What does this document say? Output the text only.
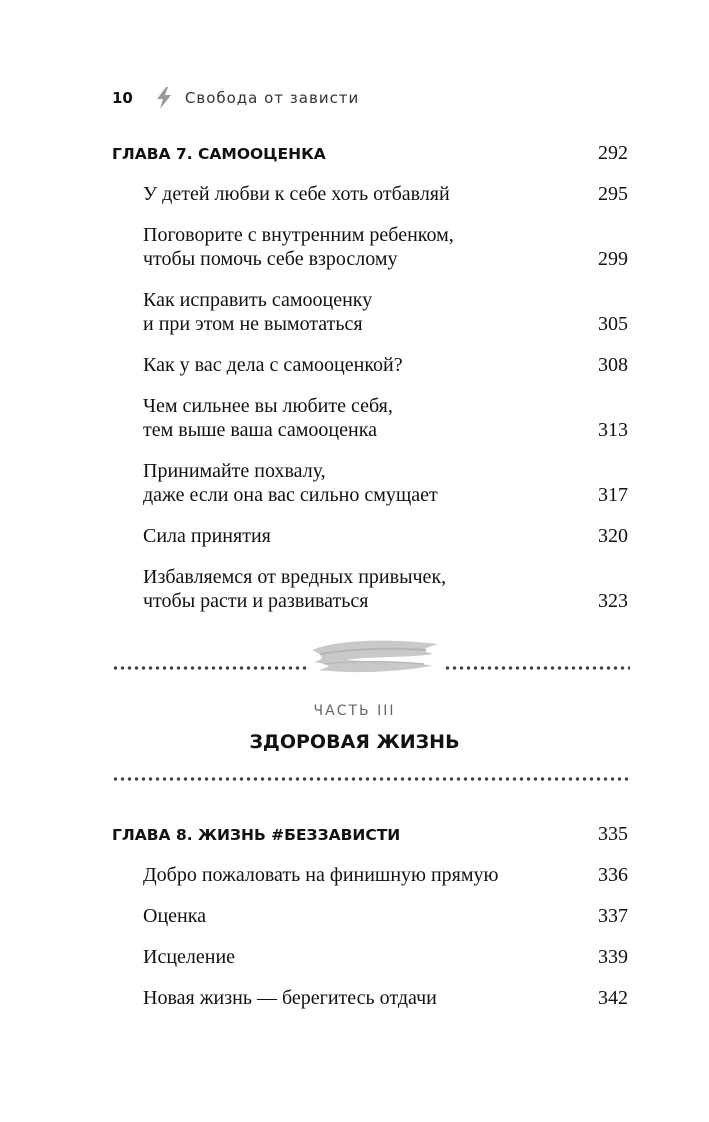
10	Свобода от зависти
ГЛАВА 7. САМООЦЕНКА	292
У детей любви к себе хоть отбавляй	295
Поговорите с внутренним ребенком,
чтобы помочь себе взрослому	299
Как исправить самооценку
и при этом не вымотаться	305
Как у вас дела с самооценкой?	308
Чем сильнее вы любите себя,
тем выше ваша самооценка	313
Принимайте похвалу,
даже если она вас сильно смущает	317
Сила принятия	320
Избавляемся от вредных привычек,
чтобы расти и развиваться	323
ЧАСТЬ III
ЗДОРОВАЯ ЖИЗНЬ
ГЛАВА 8. ЖИЗНЬ #БЕЗЗАВИСТИ	335
Добро пожаловать на финишную прямую	336
Оценка	337
Исцеление	339
Новая жизнь — берегитесь отдачи	342
